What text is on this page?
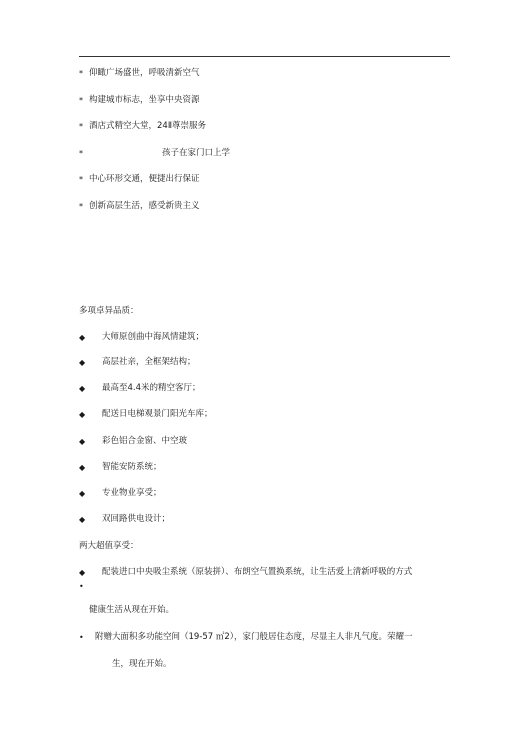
* 仰瞰广场盛世，呼吸清新空气
* 构建城市标志，坐享中央资源
* 酒店式精空大堂，24Ⅱ尊崇服务
*	孩子在家门口上学
* 中心环形交通，便捷出行保证
* 创新高层生活，感受新贵主义
多项卓异品质：
◆ 大师原创曲中海风情建筑；
◆ 高层社亲，全框架结构；
◆ 最高至4.4米的精空客厅；
◆ 配送日电梯观景门阳光车库；
◆ 彩色铝合金窗、中空玻
◆ 智能安防系统；
◆ 专业物业享受；
◆ 双回路供电设计；
两大超值享受：
◆ 配装进口中央吸尘系统（原装拼）、布朗空气置换系统，让生活爱上清新呼吸的方式
•
健康生活从现在开始。
• 附赠大面积多功能空间（19-57 ㎡2），家门般居住态度，尽显主人非凡气度。荣耀一
生，现在开始。
